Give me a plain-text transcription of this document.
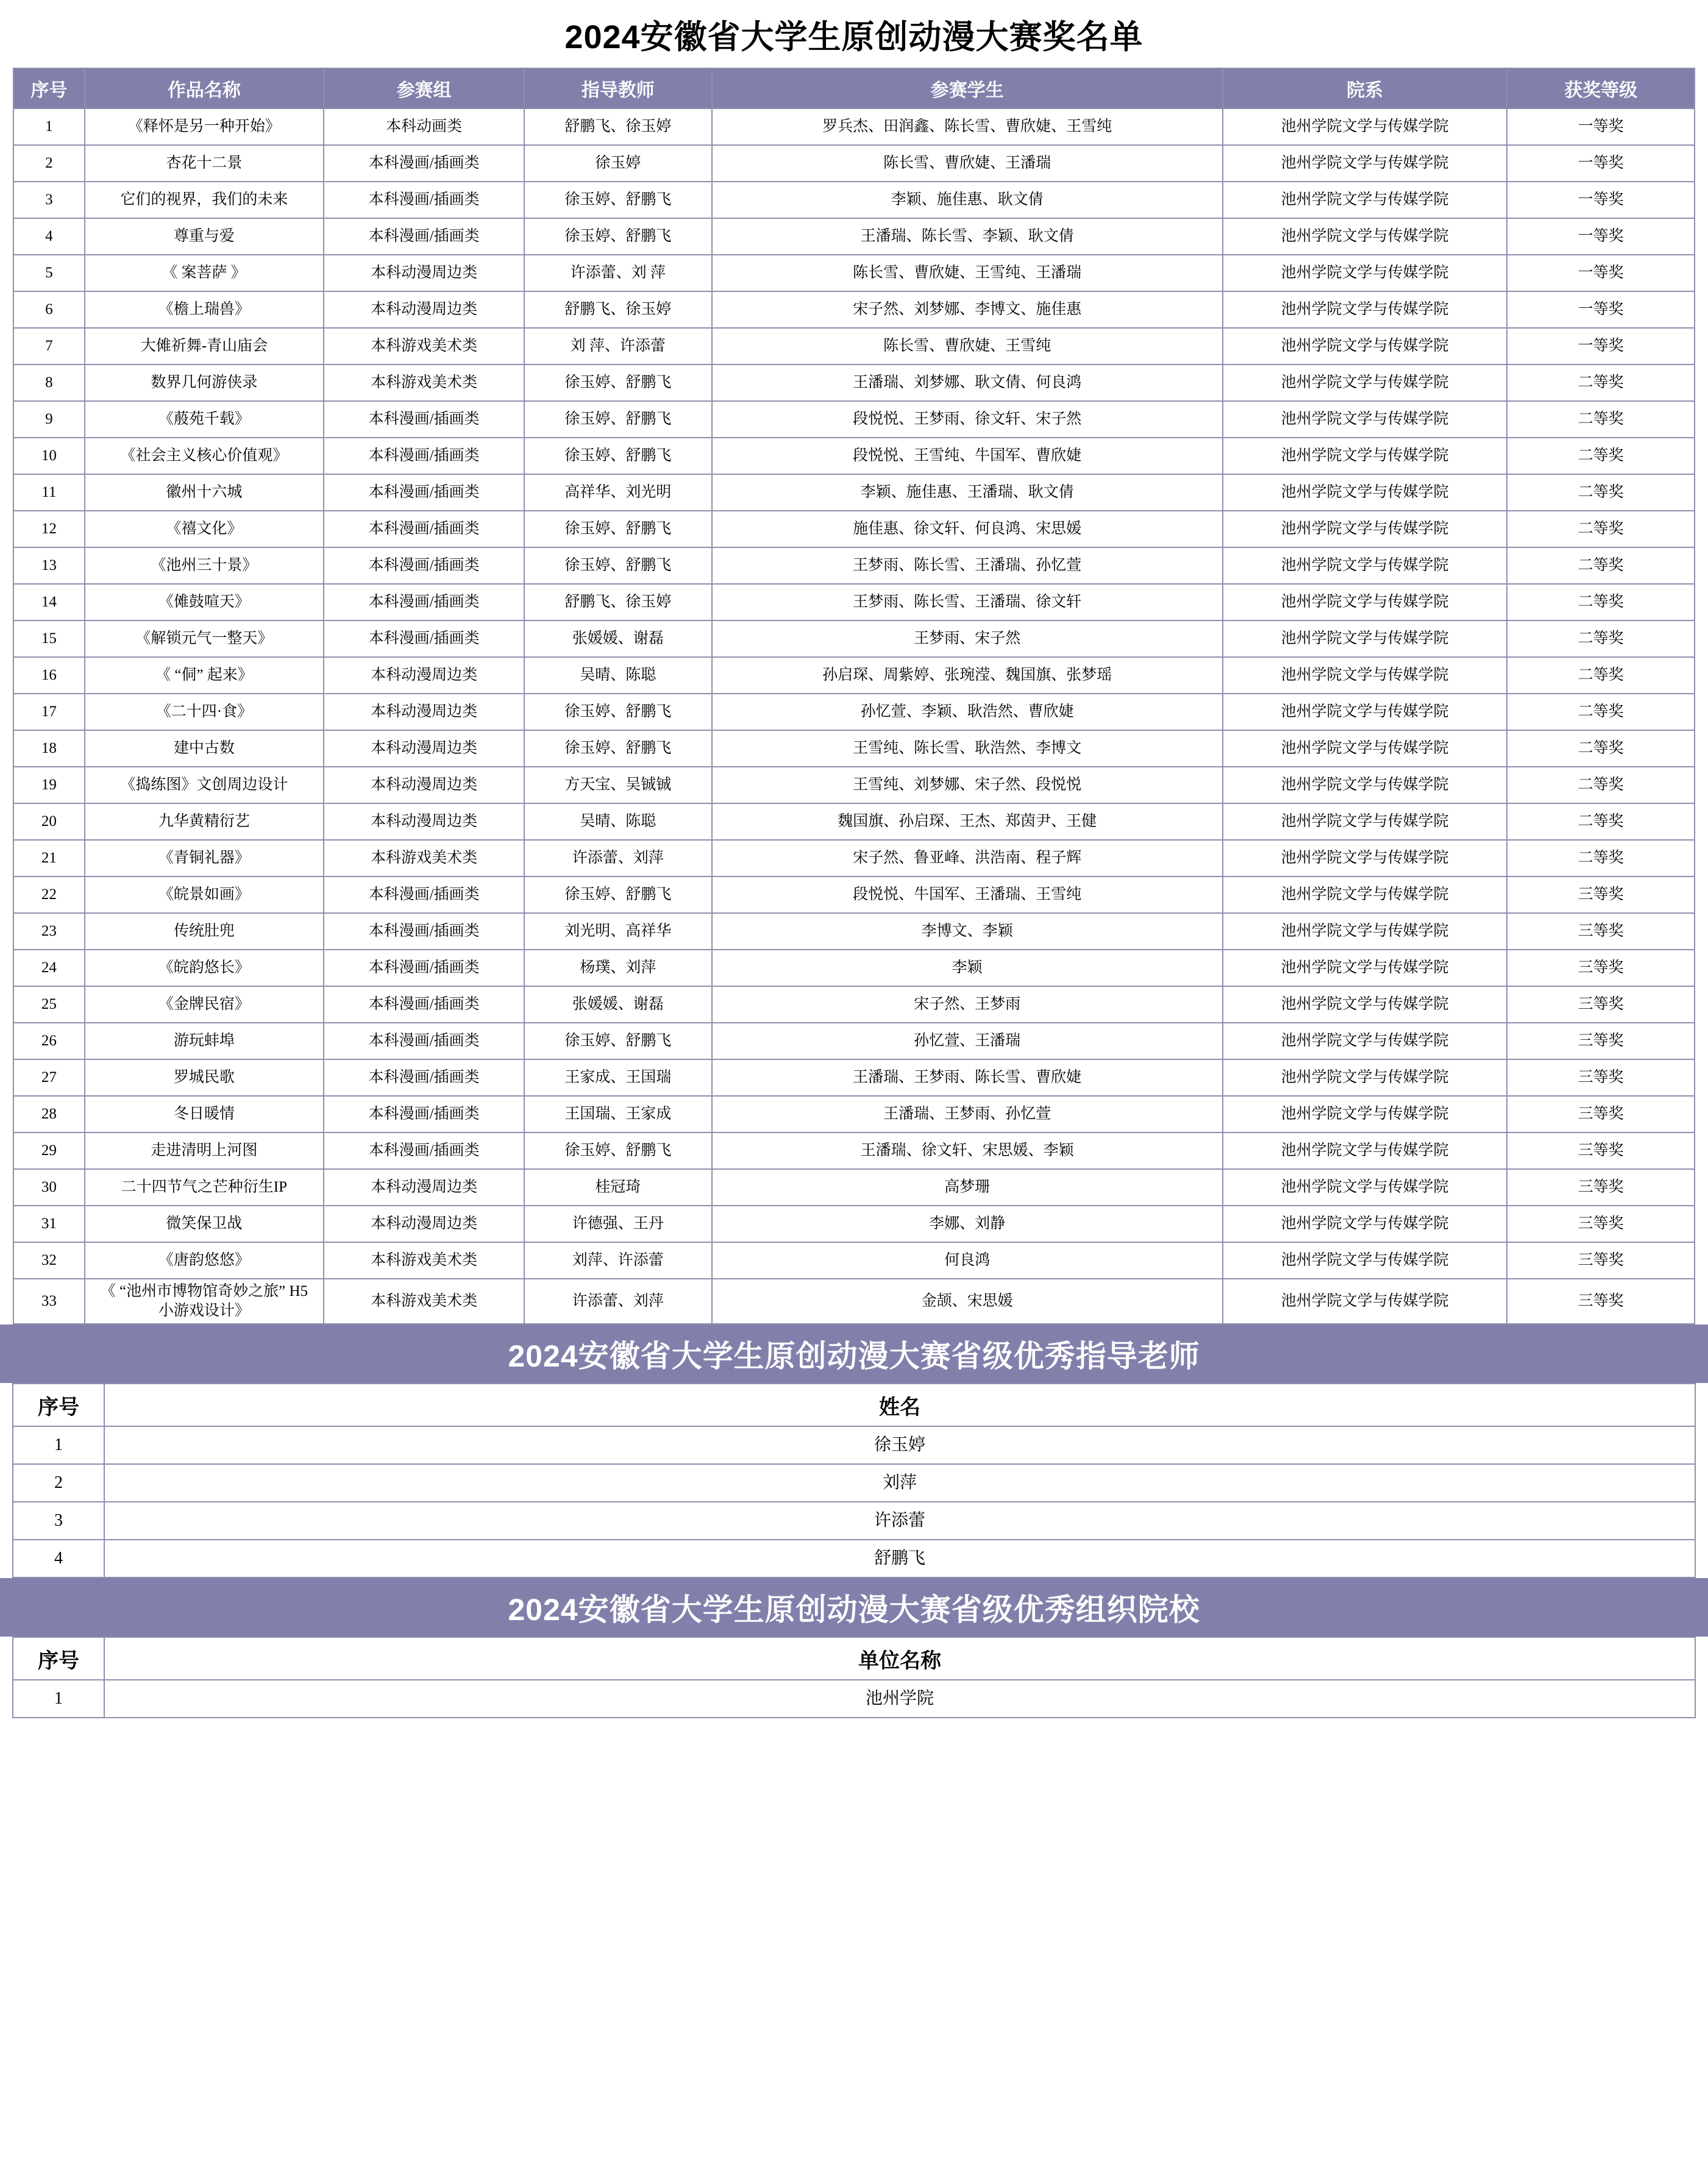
2024安徽省大学生原创动漫大赛奖名单
序号	作品名称	参赛组	指导教师	参赛学生	院系	获奖等级
1	《释怀是另一种开始》	本科动画类	舒鹏飞、徐玉婷	罗兵杰、田润鑫、陈长雪、曹欣婕、王雪纯	池州学院文学与传媒学院	一等奖
2	杏花十二景	本科漫画/插画类	徐玉婷	陈长雪、曹欣婕、王潘瑞	池州学院文学与传媒学院	一等奖
3	它们的视界，我们的未来	本科漫画/插画类	徐玉婷、舒鹏飞	李颖、施佳惠、耿文倩	池州学院文学与传媒学院	一等奖
4	尊重与爱	本科漫画/插画类	徐玉婷、舒鹏飞	王潘瑞、陈长雪、李颖、耿文倩	池州学院文学与传媒学院	一等奖
5	《 案菩萨 》	本科动漫周边类	许添蕾、刘 萍	陈长雪、曹欣婕、王雪纯、王潘瑞	池州学院文学与传媒学院	一等奖
6	《檐上瑞兽》	本科动漫周边类	舒鹏飞、徐玉婷	宋子然、刘梦娜、李博文、施佳惠	池州学院文学与传媒学院	一等奖
7	大傩祈舞-青山庙会	本科游戏美术类	刘 萍、许添蕾	陈长雪、曹欣婕、王雪纯	池州学院文学与传媒学院	一等奖
8	数界几何游侠录	本科游戏美术类	徐玉婷、舒鹏飞	王潘瑞、刘梦娜、耿文倩、何良鸿	池州学院文学与传媒学院	二等奖
9	《蒑苑千载》	本科漫画/插画类	徐玉婷、舒鹏飞	段悦悦、王梦雨、徐文轩、宋子然	池州学院文学与传媒学院	二等奖
10	《社会主义核心价值观》	本科漫画/插画类	徐玉婷、舒鹏飞	段悦悦、王雪纯、牛国军、曹欣婕	池州学院文学与传媒学院	二等奖
11	徽州十六城	本科漫画/插画类	高祥华、刘光明	李颖、施佳惠、王潘瑞、耿文倩	池州学院文学与传媒学院	二等奖
12	《禧文化》	本科漫画/插画类	徐玉婷、舒鹏飞	施佳惠、徐文轩、何良鸿、宋思媛	池州学院文学与传媒学院	二等奖
13	《池州三十景》	本科漫画/插画类	徐玉婷、舒鹏飞	王梦雨、陈长雪、王潘瑞、孙忆萱	池州学院文学与传媒学院	二等奖
14	《傩鼓喧天》	本科漫画/插画类	舒鹏飞、徐玉婷	王梦雨、陈长雪、王潘瑞、徐文轩	池州学院文学与传媒学院	二等奖
15	《解锁元气一整天》	本科漫画/插画类	张媛媛、谢磊	王梦雨、宋子然	池州学院文学与传媒学院	二等奖
16	《 “侗” 起来》	本科动漫周边类	吴晴、陈聪	孙启琛、周紫婷、张琬滢、魏国旗、张梦瑶	池州学院文学与传媒学院	二等奖
17	《二十四·食》	本科动漫周边类	徐玉婷、舒鹏飞	孙忆萱、李颖、耿浩然、曹欣婕	池州学院文学与传媒学院	二等奖
18	建中古数	本科动漫周边类	徐玉婷、舒鹏飞	王雪纯、陈长雪、耿浩然、李博文	池州学院文学与传媒学院	二等奖
19	《捣练图》文创周边设计	本科动漫周边类	方天宝、吴铖铖	王雪纯、刘梦娜、宋子然、段悦悦	池州学院文学与传媒学院	二等奖
20	九华黄精衍艺	本科动漫周边类	吴晴、陈聪	魏国旗、孙启琛、王杰、郑茵尹、王健	池州学院文学与传媒学院	二等奖
21	《青铜礼器》	本科游戏美术类	许添蕾、刘萍	宋子然、鲁亚峰、洪浩南、程子辉	池州学院文学与传媒学院	二等奖
22	《皖景如画》	本科漫画/插画类	徐玉婷、舒鹏飞	段悦悦、牛国军、王潘瑞、王雪纯	池州学院文学与传媒学院	三等奖
23	传统肚兜	本科漫画/插画类	刘光明、高祥华	李博文、李颖	池州学院文学与传媒学院	三等奖
24	《皖韵悠长》	本科漫画/插画类	杨璞、刘萍	李颖	池州学院文学与传媒学院	三等奖
25	《金牌民宿》	本科漫画/插画类	张媛媛、谢磊	宋子然、王梦雨	池州学院文学与传媒学院	三等奖
26	游玩蚌埠	本科漫画/插画类	徐玉婷、舒鹏飞	孙忆萱、王潘瑞	池州学院文学与传媒学院	三等奖
27	罗城民歌	本科漫画/插画类	王家成、王国瑞	王潘瑞、王梦雨、陈长雪、曹欣婕	池州学院文学与传媒学院	三等奖
28	冬日暖情	本科漫画/插画类	王国瑞、王家成	王潘瑞、王梦雨、孙忆萱	池州学院文学与传媒学院	三等奖
29	走进清明上河图	本科漫画/插画类	徐玉婷、舒鹏飞	王潘瑞、徐文轩、宋思媛、李颖	池州学院文学与传媒学院	三等奖
30	二十四节气之芒种衍生IP	本科动漫周边类	桂冠琦	高梦珊	池州学院文学与传媒学院	三等奖
31	微笑保卫战	本科动漫周边类	许德强、王丹	李娜、刘静	池州学院文学与传媒学院	三等奖
32	《唐韵悠悠》	本科游戏美术类	刘萍、许添蕾	何良鸿	池州学院文学与传媒学院	三等奖
33	《 “池州市博物馆奇妙之旅” H5
小游戏设计》	本科游戏美术类	许添蕾、刘萍	金颉、宋思媛	池州学院文学与传媒学院	三等奖
2024安徽省大学生原创动漫大赛省级优秀指导老师
序号	姓名
1	徐玉婷
2	刘萍
3	许添蕾
4	舒鹏飞
2024安徽省大学生原创动漫大赛省级优秀组织院校
序号	单位名称
1	池州学院
